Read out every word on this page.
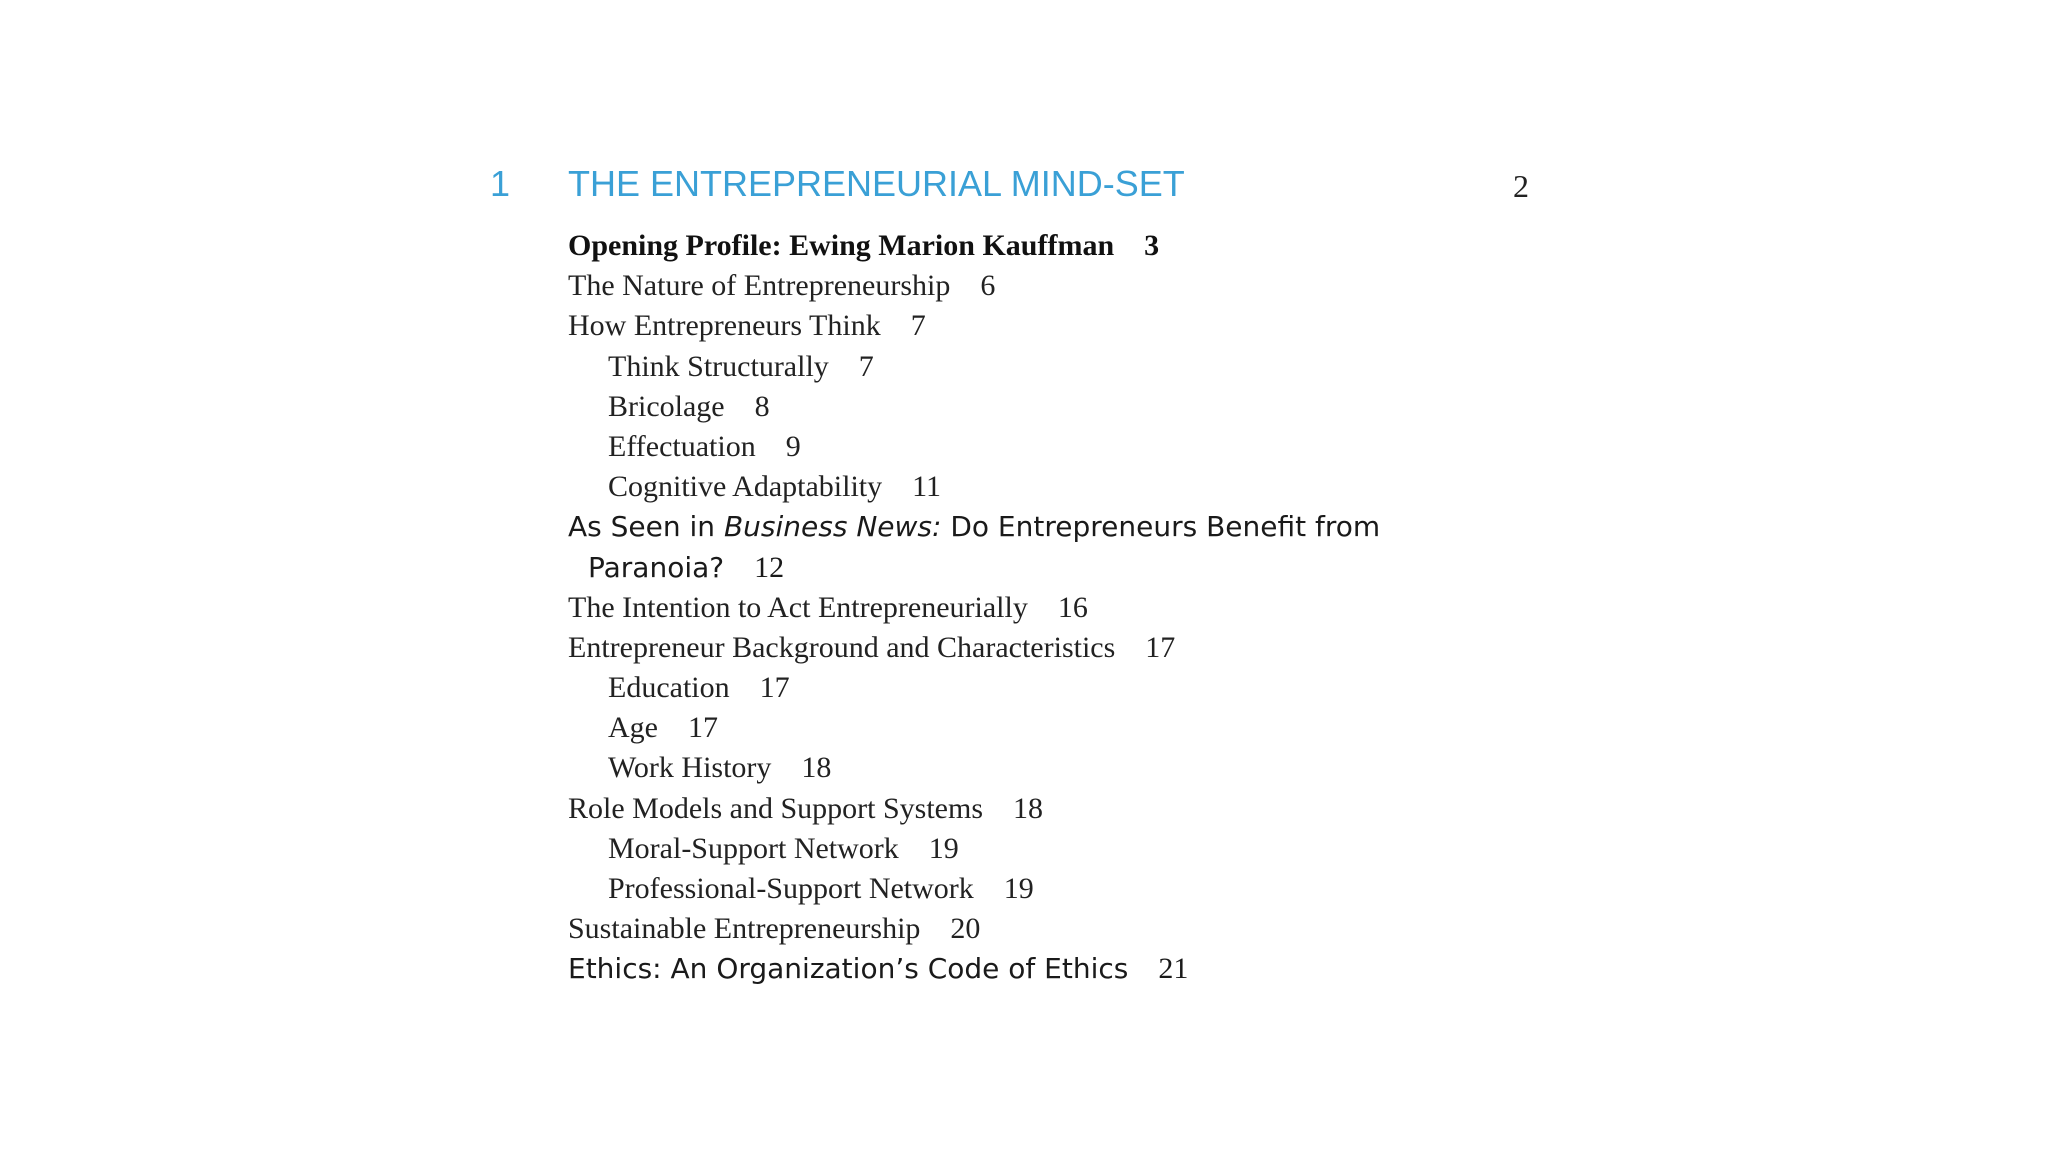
1 THE ENTREPRENEURIAL MIND-SET	2
Opening Profile: Ewing Marion Kauffman 3
The Nature of Entrepreneurship 6
How Entrepreneurs Think 7
Think Structurally 7
Bricolage 8
Effectuation 9
Cognitive Adaptability 11
As Seen in Business News: Do Entrepreneurs Benefit from
Paranoia? 12
The Intention to Act Entrepreneurially 16
Entrepreneur Background and Characteristics 17
Education 17
Age 17
Work History 18
Role Models and Support Systems 18
Moral-Support Network 19
Professional-Support Network 19
Sustainable Entrepreneurship 20
Ethics: An Organization’s Code of Ethics 21
